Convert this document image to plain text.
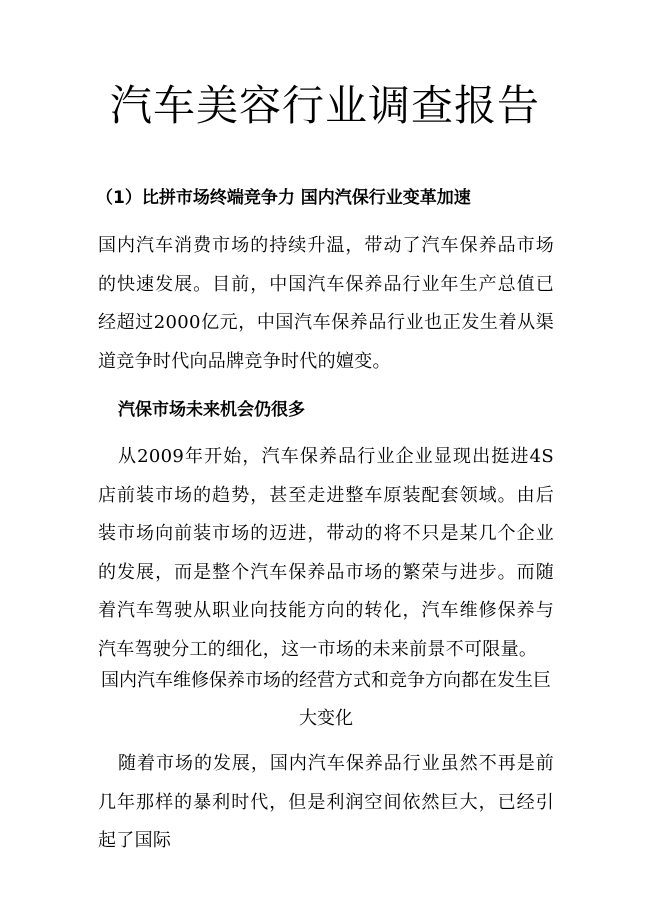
汽车美容行业调查报告
（1）比拼市场终端竞争力 国内汽保行业变革加速

国内汽车消费市场的持续升温，带动了汽车保养品市场的快速发展。目前，中国汽车保养品行业年生产总值已经超过2000亿元，中国汽车保养品行业也正发生着从渠道竞争时代向品牌竞争时代的嬗变。

汽保市场未来机会仍很多

从2009年开始，汽车保养品行业企业显现出挺进4S 店前装市场的趋势，甚至走进整车原装配套领域。由后装市场向前装市场的迈进，带动的将不只是某几个企业的发展，而是整个汽车保养品市场的繁荣与进步。而随着汽车驾驶从职业向技能方向的转化，汽车维修保养与汽车驾驶分工的细化，这一市场的未来前景不可限量。

国内汽车维修保养市场的经营方式和竞争方向都在发生巨大变化

随着市场的发展，国内汽车保养品行业虽然不再是前几年那样的暴利时代，但是利润空间依然巨大，已经引起了国际
